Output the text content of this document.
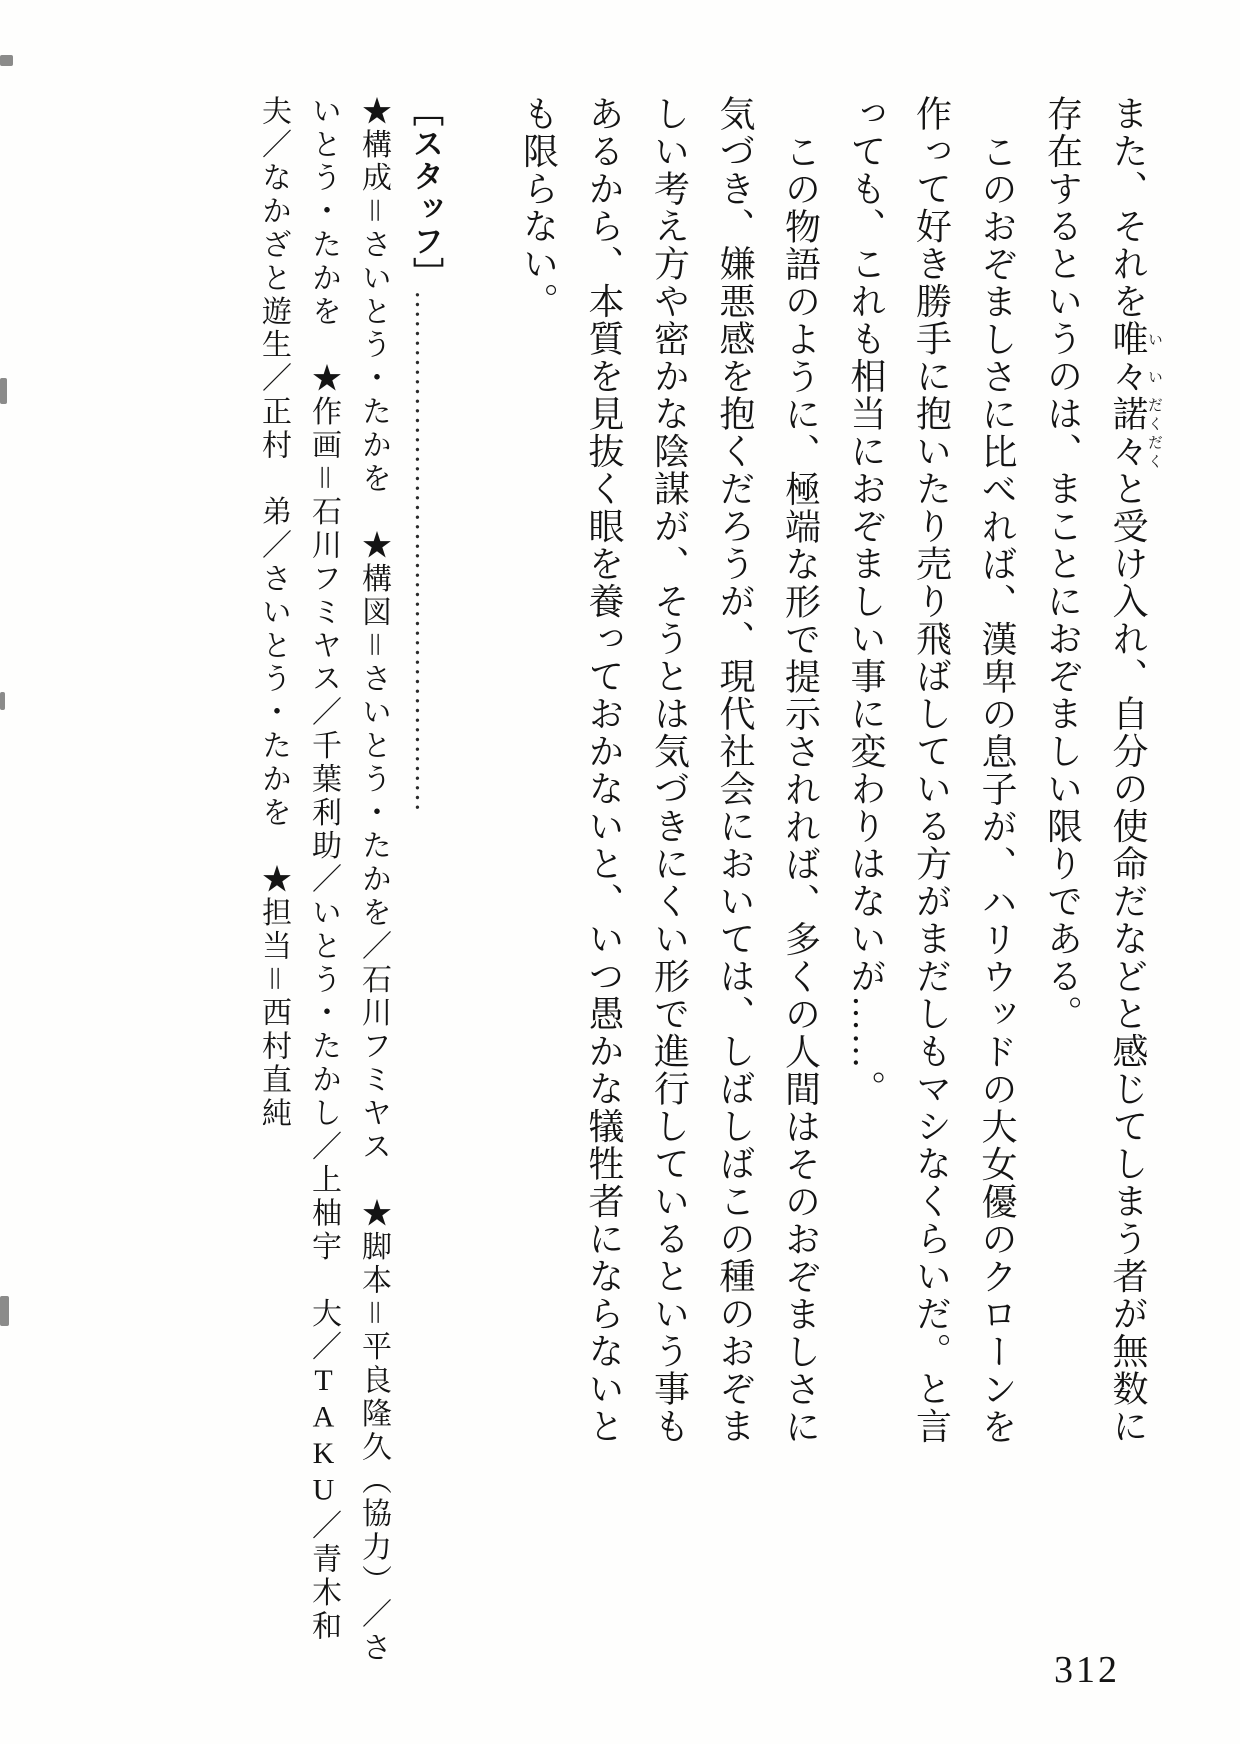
また、それを唯々いい諾々だくだくと受け入れ、自分の使命だなどと感じてしまう者が無数に
存在するというのは、まことにおぞましい限りである。
このおぞましさに比べれば、漢卑の息子が、ハリウッドの大女優のクローンを
作って好き勝手に抱いたり売り飛ばしている方がまだしもマシなくらいだ。と言
っても、これも相当におぞましい事に変わりはないが……。
この物語のように、極端な形で提示されれば、多くの人間はそのおぞましさに
気づき、嫌悪感を抱くだろうが、現代社会においては、しばしばこの種のおぞま
しい考え方や密かな陰謀が、そうとは気づきにくい形で進行しているという事も
あるから、本質を見抜く眼を養っておかないと、いつ愚かな犠牲者にならないと
も限らない。
［スタッフ］………………………………………………
★構成＝さいとう・たかを　★構図＝さいとう・たかを／石川フミヤス　★脚本＝平良隆久（協力）／さ
いとう・たかを　★作画＝石川フミヤス／千葉利助／いとう・たかし／上柚宇　大／TAKU／青木和
夫／なかざと遊生／正村　弟／さいとう・たかを　★担当＝西村直純
312
